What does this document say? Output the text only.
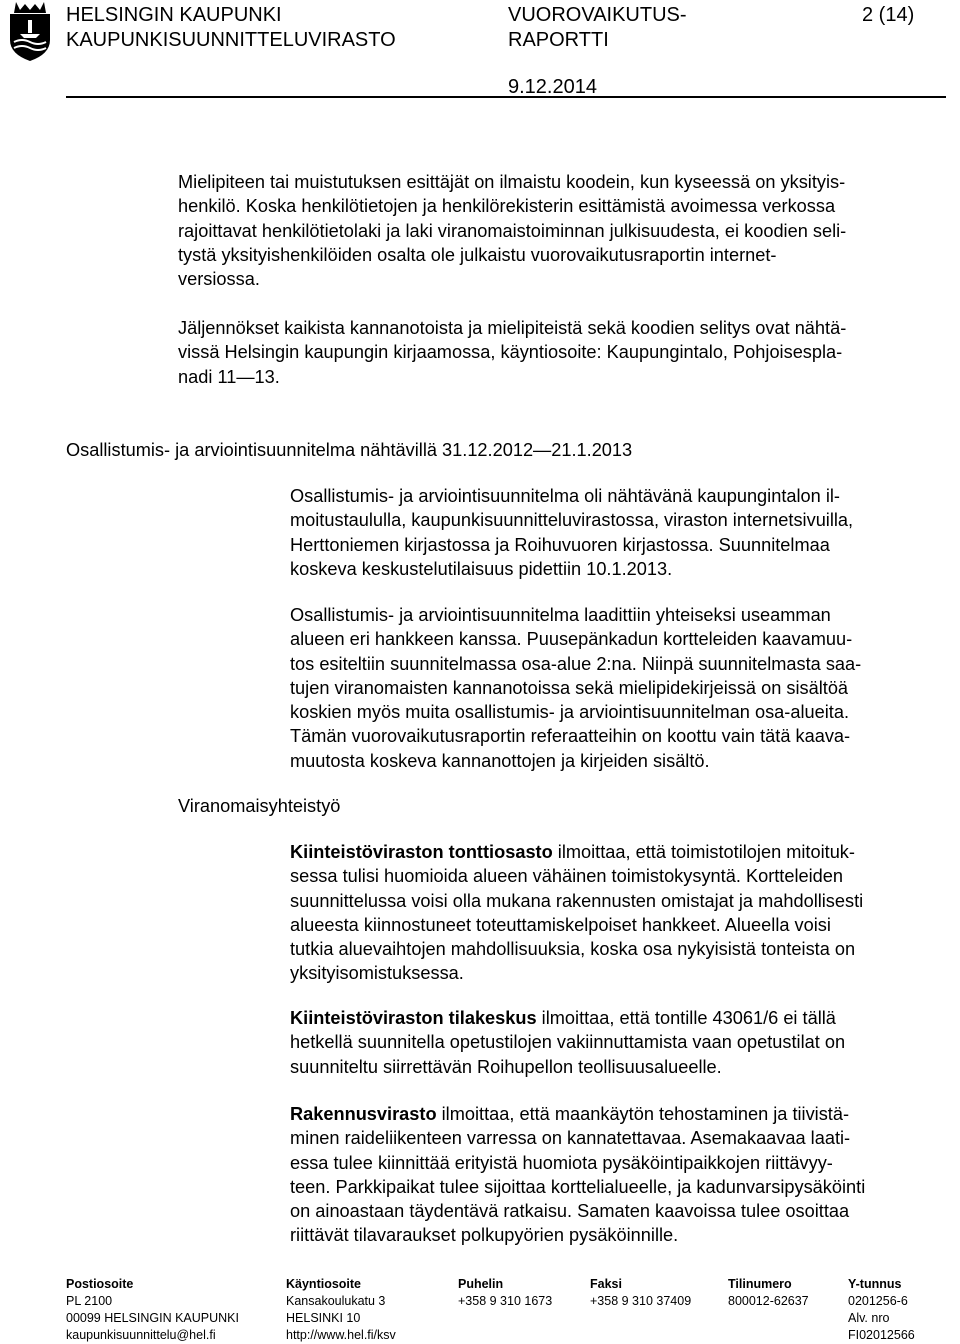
HELSINGIN KAUPUNKI
KAUPUNKISUUNNITTELUVIRASTO
VUOROVAIKUTUS-
RAPORTTI
2 (14)
9.12.2014
Mielipiteen tai muistutuksen esittäjät on ilmaistu koodein, kun kyseessä on yksityis-
henkilö. Koska henkilötietojen ja henkilörekisterin esittämistä avoimessa verkossa
rajoittavat henkilötietolaki ja laki viranomaistoiminnan julkisuudesta, ei koodien seli-
tystä yksityishenkilöiden osalta ole julkaistu vuorovaikutusraportin internet-
versiossa.
Jäljennökset kaikista kannanotoista ja mielipiteistä sekä koodien selitys ovat nähtä-
vissä Helsingin kaupungin kirjaamossa, käyntiosoite: Kaupungintalo, Pohjoisespla-
nadi 11—13.
Osallistumis- ja arviointisuunnitelma nähtävillä 31.12.2012—21.1.2013
Osallistumis- ja arviointisuunnitelma oli nähtävänä kaupungintalon il-
moitustaululla, kaupunkisuunnitteluvirastossa, viraston internetsivuilla,
Herttoniemen kirjastossa ja Roihuvuoren kirjastossa. Suunnitelmaa
koskeva keskustelutilaisuus pidettiin 10.1.2013.
Osallistumis- ja arviointisuunnitelma laadittiin yhteiseksi useamman
alueen eri hankkeen kanssa. Puusepänkadun kortteleiden kaavamuu-
tos esiteltiin suunnitelmassa osa-alue 2:na. Niinpä suunnitelmasta saa-
tujen viranomaisten kannanotoissa sekä mielipidekirjeissä on sisältöä
koskien myös muita osallistumis- ja arviointisuunnitelman osa-alueita.
Tämän vuorovaikutusraportin referaatteihin on koottu vain tätä kaava-
muutosta koskeva kannanottojen ja kirjeiden sisältö.
Viranomaisyhteistyö
Kiinteistöviraston tonttiosasto ilmoittaa, että toimistotilojen mitoituk-
sessa tulisi huomioida alueen vähäinen toimistokysyntä. Kortteleiden
suunnittelussa voisi olla mukana rakennusten omistajat ja mahdollisesti
alueesta kiinnostuneet toteuttamiskelpoiset hankkeet. Alueella voisi
tutkia aluevaihtojen mahdollisuuksia, koska osa nykyisistä tonteista on
yksityisomistuksessa.
Kiinteistöviraston tilakeskus ilmoittaa, että tontille 43061/6 ei tällä
hetkellä suunnitella opetustilojen vakiinnuttamista vaan opetustilat on
suunniteltu siirrettävän Roihupellon teollisuusalueelle.
Rakennusvirasto ilmoittaa, että maankäytön tehostaminen ja tiivistä-
minen raideliikenteen varressa on kannatettavaa. Asemakaavaa laati-
essa tulee kiinnittää erityistä huomiota pysäköintipaikkojen riittävyy-
teen. Parkkipaikat tulee sijoittaa korttelialueelle, ja kadunvarsipysäköinti
on ainoastaan täydentävä ratkaisu. Samaten kaavoissa tulee osoittaa
riittävät tilavaraukset polkupyörien pysäköinnille.
Postiosoite
PL 2100
00099 HELSINGIN KAUPUNKI
kaupunkisuunnittelu@hel.fi
Käyntiosoite
Kansakoulukatu 3
HELSINKI 10
http://www.hel.fi/ksv
Puhelin
+358 9 310 1673
Faksi
+358 9 310 37409
Tilinumero
800012-62637
Y-tunnus
0201256-6
Alv. nro
FI02012566
